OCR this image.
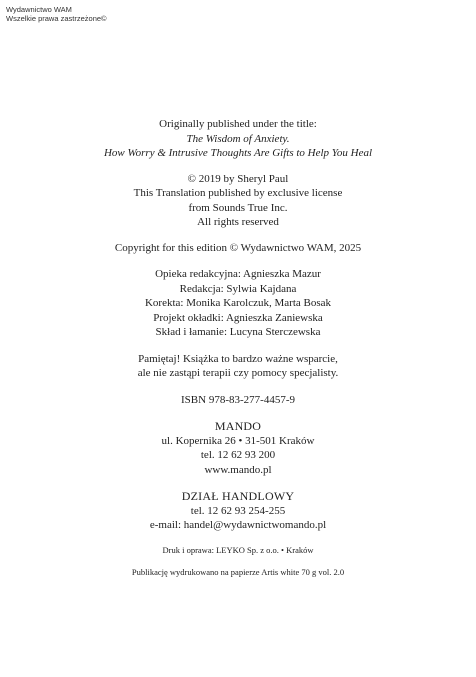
Wydawnictwo WAM
Wszelkie prawa zastrzeżone©
Originally published under the title:
The Wisdom of Anxiety.
How Worry & Intrusive Thoughts Are Gifts to Help You Heal
© 2019 by Sheryl Paul
This Translation published by exclusive license
from Sounds True Inc.
All rights reserved
Copyright for this edition © Wydawnictwo WAM, 2025
Opieka redakcyjna: Agnieszka Mazur
Redakcja: Sylwia Kajdana
Korekta: Monika Karolczuk, Marta Bosak
Projekt okładki: Agnieszka Zaniewska
Skład i łamanie: Lucyna Sterczewska
Pamiętaj! Książka to bardzo ważne wsparcie,
ale nie zastąpi terapii czy pomocy specjalisty.
ISBN 978-83-277-4457-9
MANDO
ul. Kopernika 26 • 31-501 Kraków
tel. 12 62 93 200
www.mando.pl
DZIAŁ HANDLOWY
tel. 12 62 93 254-255
e-mail: handel@wydawnictwomando.pl
Druk i oprawa: LEYKO Sp. z o.o. • Kraków
Publikację wydrukowano na papierze Artis white 70 g vol. 2.0
